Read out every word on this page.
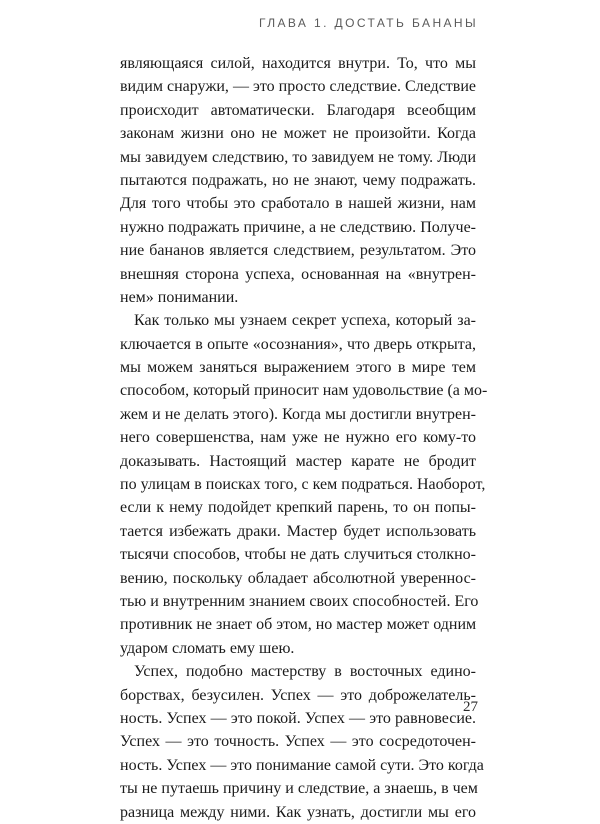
ГЛАВА 1. ДОСТАТЬ БАНАНЫ
являющаяся силой, находится внутри. То, что мы
видим снаружи, — это просто следствие. Следствие
происходит автоматически. Благодаря всеобщим
законам жизни оно не может не произойти. Когда
мы завидуем следствию, то завидуем не тому. Люди
пытаются подражать, но не знают, чему подражать.
Для того чтобы это сработало в нашей жизни, нам
нужно подражать причине, а не следствию. Получе-
ние бананов является следствием, результатом. Это
внешняя сторона успеха, основанная на «внутрен-
нем» понимании.
Как только мы узнаем секрет успеха, который за-
ключается в опыте «осознания», что дверь открыта,
мы можем заняться выражением этого в мире тем
способом, который приносит нам удовольствие (а мо-
жем и не делать этого). Когда мы достигли внутрен-
него совершенства, нам уже не нужно его кому-то
доказывать. Настоящий мастер карате не бродит
по улицам в поисках того, с кем подраться. Наоборот,
если к нему подойдет крепкий парень, то он попы-
тается избежать драки. Мастер будет использовать
тысячи способов, чтобы не дать случиться столкно-
вению, поскольку обладает абсолютной увереннос-
тью и внутренним знанием своих способностей. Его
противник не знает об этом, но мастер может одним
ударом сломать ему шею.
Успех, подобно мастерству в восточных едино-
борствах, безусилен. Успех — это доброжелатель-
ность. Успех — это покой. Успех — это равновесие.
Успех — это точность. Успех — это сосредоточен-
ность. Успех — это понимание самой сути. Это когда
ты не путаешь причину и следствие, а знаешь, в чем
разница между ними. Как узнать, достигли мы его
27
